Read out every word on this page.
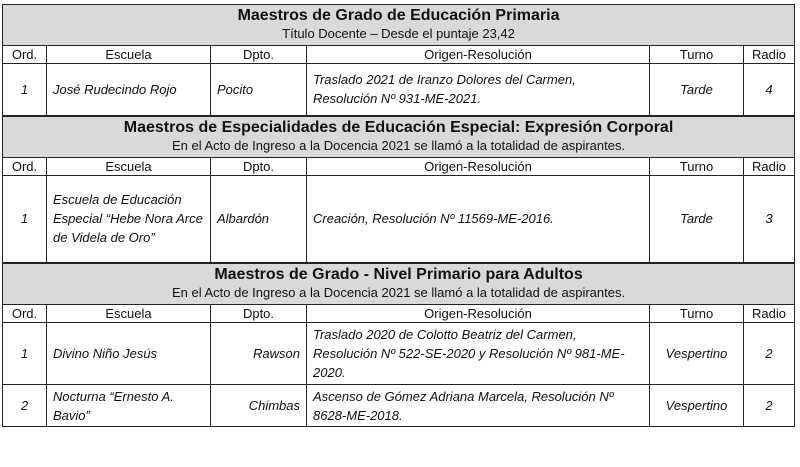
Maestros de Grado de Educación Primaria
Título Docente – Desde el puntaje 23,42					

Ord.	Escuela	Dpto.	Origen-Resolución	Turno	Radio
1	José Rudecindo Rojo	Pocito	Traslado 2021 de Iranzo Dolores del Carmen, Resolución Nº 931-ME-2021.	Tarde	4

Maestros de Especialidades de Educación Especial: Expresión Corporal
En el Acto de Ingreso a la Docencia 2021 se llamó a la totalidad de aspirantes.					

Ord.	Escuela	Dpto.	Origen-Resolución	Turno	Radio
1	Escuela de Educación Especial “Hebe Nora Arce de Videla de Oro”	Albardón	Creación, Resolución Nº 11569-ME-2016.	Tarde	3

Maestros de Grado - Nivel Primario para Adultos
En el Acto de Ingreso a la Docencia 2021 se llamó a la totalidad de aspirantes.					

Ord.	Escuela	Dpto.	Origen-Resolución	Turno	Radio
1	Divino Niño Jesús	Rawson	Traslado 2020 de Colotto Beatriz del Carmen, Resolución Nº 522-SE-2020 y Resolución Nº 981-ME-2020.	Vespertino	2
2	Nocturna “Ernesto A. Bavio”	Chimbas	Ascenso de Gómez Adriana Marcela, Resolución Nº 8628-ME-2018.	Vespertino	2
